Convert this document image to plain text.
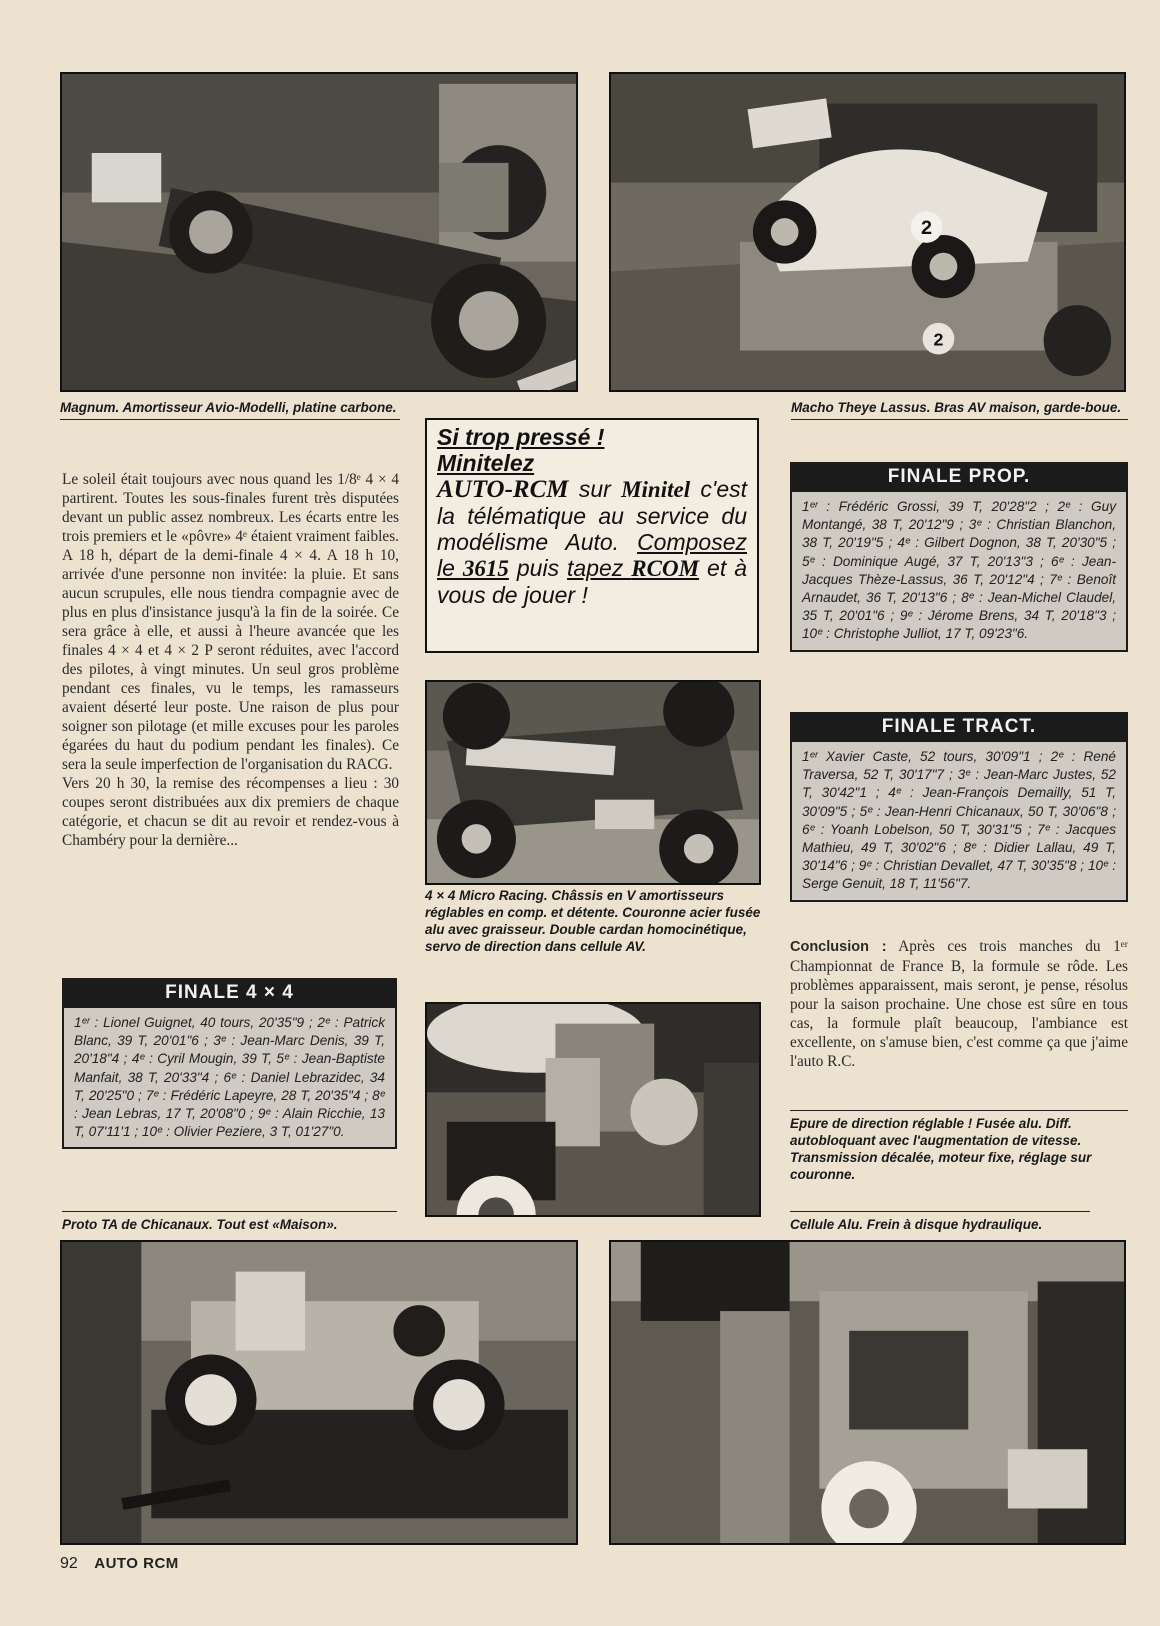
Magnum. Amortisseur Avio-Modelli, platine carbone.

2
2

Macho Theye Lassus. Bras AV maison, garde-boue.

Le soleil était toujours avec nous quand les 1/8ᵉ 4 × 4 partirent. Toutes les sous-finales furent très disputées devant un public assez nombreux. Les écarts entre les trois premiers et le «pôvre» 4ᵉ étaient vraiment faibles. A 18 h, départ de la demi-finale 4 × 4. A 18 h 10, arrivée d'une personne non invitée: la pluie. Et sans aucun scrupules, elle nous tiendra compagnie avec de plus en plus d'insistance jusqu'à la fin de la soirée. Ce sera grâce à elle, et aussi à l'heure avancée que les finales 4 × 4 et 4 × 2 P seront réduites, avec l'accord des pilotes, à vingt minutes. Un seul gros problème pendant ces finales, vu le temps, les ramasseurs avaient déserté leur poste. Une raison de plus pour soigner son pilotage (et mille excuses pour les paroles égarées du haut du podium pendant les finales). Ce sera la seule imperfection de l'organisation du RACG.

Vers 20 h 30, la remise des récompenses a lieu : 30 coupes seront distribuées aux dix premiers de chaque catégorie, et chacun se dit au revoir et rendez-vous à Chambéry pour la dernière...

FINALE 4 × 4
1ᵉʳ : Lionel Guignet, 40 tours, 20'35"9 ; 2ᵉ : Patrick Blanc, 39 T, 20'01"6 ; 3ᵉ : Jean-Marc Denis, 39 T, 20'18"4 ; 4ᵉ : Cyril Mougin, 39 T, 5ᵉ : Jean-Baptiste Manfait, 38 T, 20'33"4 ; 6ᵉ : Daniel Lebrazidec, 34 T, 20'25"0 ; 7ᵉ : Frédéric Lapeyre, 28 T, 20'35"4 ; 8ᵉ : Jean Lebras, 17 T, 20'08"0 ; 9ᵉ : Alain Ricchie, 13 T, 07'11'1 ; 10ᵉ : Olivier Peziere, 3 T, 01'27"0.
Si trop pressé !
Minitelez
AUTO-RCM sur Minitel c'est la télématique au service du modélisme Auto. Composez le 3615 puis tapez RCOM et à vous de jouer !

4 × 4 Micro Racing. Châssis en V amortisseurs réglables en comp. et détente. Couronne acier fusée alu avec graisseur. Double cardan homocinétique, servo de direction dans cellule AV.

FINALE PROP.
1ᵉʳ : Frédéric Grossi, 39 T, 20'28"2 ; 2ᵉ : Guy Montangé, 38 T, 20'12"9 ; 3ᵉ : Christian Blanchon, 38 T, 20'19"5 ; 4ᵉ : Gilbert Dognon, 38 T, 20'30"5 ; 5ᵉ : Dominique Augé, 37 T, 20'13"3 ; 6ᵉ : Jean-Jacques Thèze-Lassus, 36 T, 20'12"4 ; 7ᵉ : Benoît Arnaudet, 36 T, 20'13"6 ; 8ᵉ : Jean-Michel Claudel, 35 T, 20'01"6 ; 9ᵉ : Jérome Brens, 34 T, 20'18"3 ; 10ᵉ : Christophe Julliot, 17 T, 09'23"6.
FINALE TRACT.
1ᵉʳ Xavier Caste, 52 tours, 30'09"1 ; 2ᵉ : René Traversa, 52 T, 30'17"7 ; 3ᵉ : Jean-Marc Justes, 52 T, 30'42"1 ; 4ᵉ : Jean-François Demailly, 51 T, 30'09"5 ; 5ᵉ : Jean-Henri Chicanaux, 50 T, 30'06"8 ; 6ᵉ : Yoanh Lobelson, 50 T, 30'31"5 ; 7ᵉ : Jacques Mathieu, 49 T, 30'02"6 ; 8ᵉ : Didier Lallau, 49 T, 30'14"6 ; 9ᵉ : Christian Devallet, 47 T, 30'35"8 ; 10ᵉ : Serge Genuit, 18 T, 11'56"7.

Conclusion : Après ces trois manches du 1ᵉʳ Championnat de France B, la formule se rôde. Les problèmes apparaissent, mais seront, je pense, résolus pour la saison prochaine. Une chose est sûre en tous cas, la formule plaît beaucoup, l'ambiance est excellente, on s'amuse bien, c'est comme ça que j'aime l'auto R.C.

Epure de direction réglable ! Fusée alu. Diff. autobloquant avec l'augmentation de vitesse. Transmission décalée, moteur fixe, réglage sur couronne.

Proto TA de Chicanaux. Tout est «Maison».	Cellule Alu. Frein à disque hydraulique.

92 AUTO RCM
